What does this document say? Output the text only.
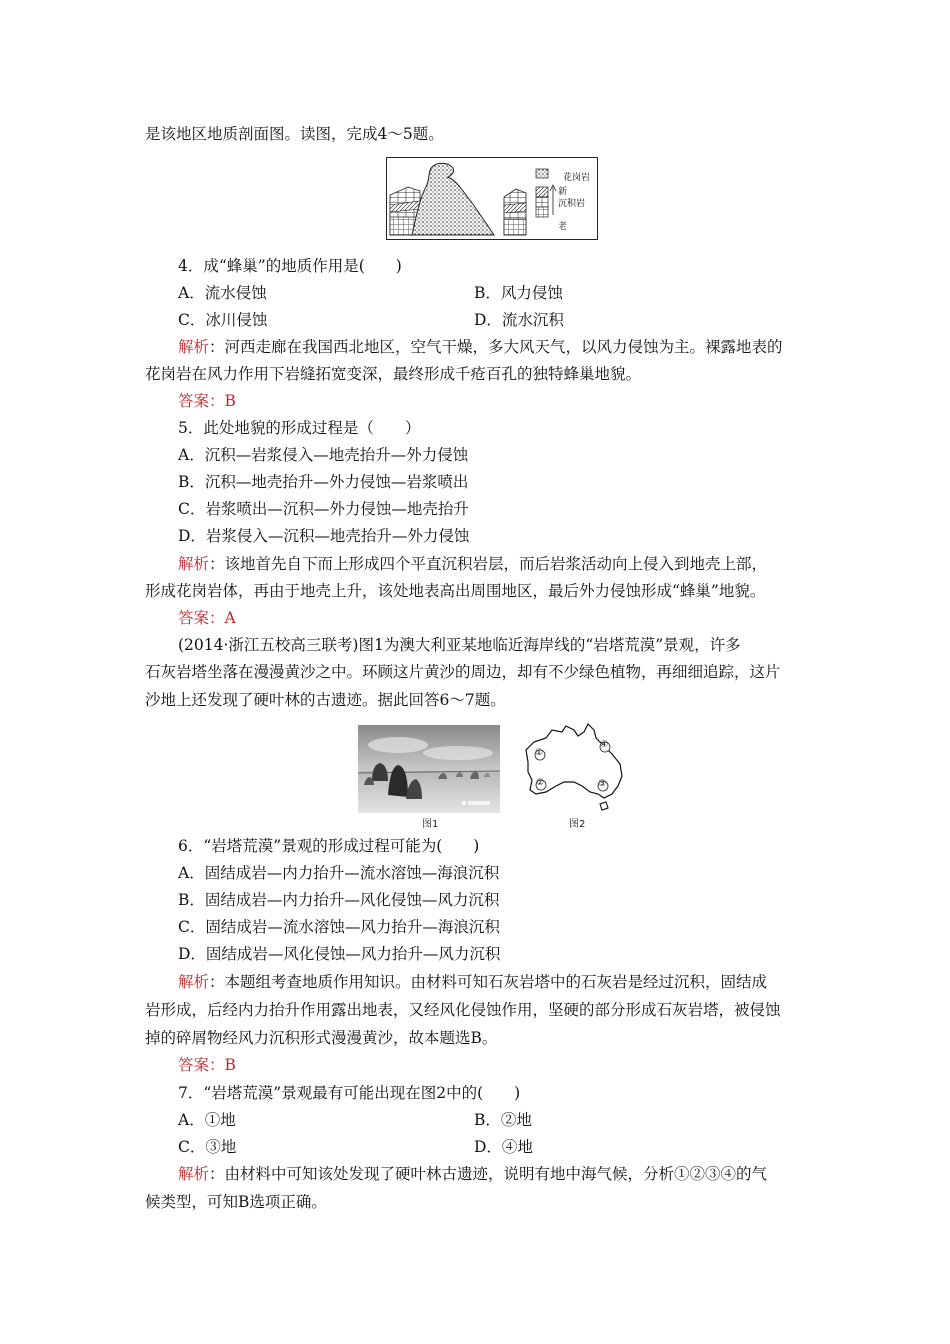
是该地区地质剖面图。读图，完成4～5题。
花岗岩
新
沉积岩
老
4．成“蜂巢”的地质作用是(　　)
A．流水侵蚀	B．风力侵蚀
C．冰川侵蚀	D．流水沉积
解析：河西走廊在我国西北地区，空气干燥，多大风天气，以风力侵蚀为主。裸露地表的
花岗岩在风力作用下岩缝拓宽变深，最终形成千疮百孔的独特蜂巢地貌。
答案：B
5．此处地貌的形成过程是（　　）
A．沉积—岩浆侵入—地壳抬升—外力侵蚀
B．沉积—地壳抬升—外力侵蚀—岩浆喷出
C．岩浆喷出—沉积—外力侵蚀—地壳抬升
D．岩浆侵入—沉积—地壳抬升—外力侵蚀
解析：该地首先自下而上形成四个平直沉积岩层，而后岩浆活动向上侵入到地壳上部，
形成花岗岩体，再由于地壳上升，该处地表高出周围地区，最后外力侵蚀形成“蜂巢”地貌。
答案：A
(2014·浙江五校高三联考)图1为澳大利亚某地临近海岸线的“岩塔荒漠”景观，许多
石灰岩塔坐落在漫漫黄沙之中。环顾这片黄沙的周边，却有不少绿色植物，再细细追踪，这片
沙地上还发现了硬叶林的古遗迹。据此回答6～7题。
图1
①
②	③
④
图2
6．“岩塔荒漠”景观的形成过程可能为(　　)
A．固结成岩—内力抬升—流水溶蚀—海浪沉积
B．固结成岩—内力抬升—风化侵蚀—风力沉积
C．固结成岩—流水溶蚀—风力抬升—海浪沉积
D．固结成岩—风化侵蚀—风力抬升—风力沉积
解析：本题组考查地质作用知识。由材料可知石灰岩塔中的石灰岩是经过沉积，固结成
岩形成，后经内力抬升作用露出地表，又经风化侵蚀作用，坚硬的部分形成石灰岩塔，被侵蚀
掉的碎屑物经风力沉积形式漫漫黄沙，故本题选B。
答案：B
7．“岩塔荒漠”景观最有可能出现在图2中的(　　)
A．①地	B．②地
C．③地	D．④地
解析：由材料中可知该处发现了硬叶林古遗迹，说明有地中海气候，分析①②③④的气
候类型，可知B选项正确。
